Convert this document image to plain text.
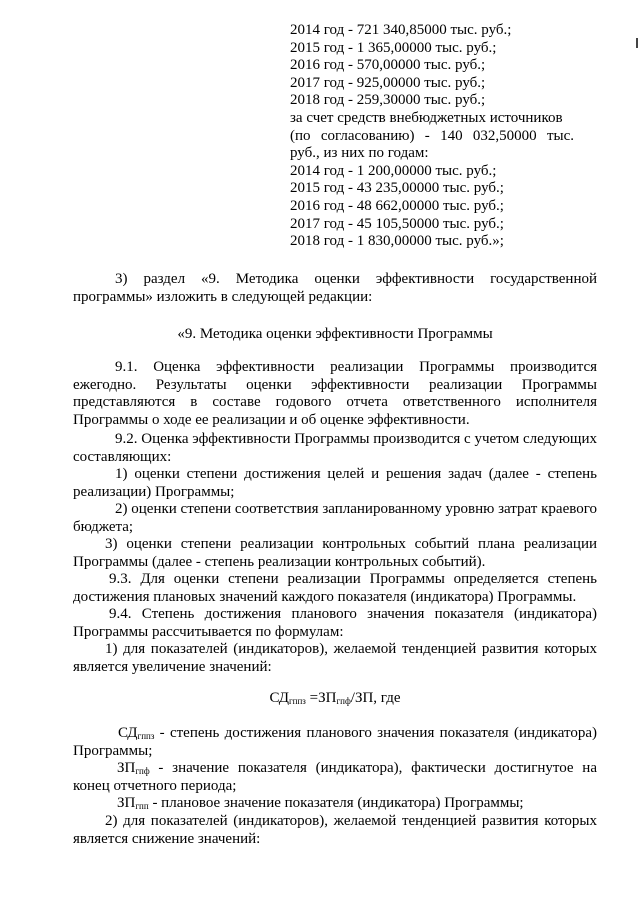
2014 год - 721 340,85000 тыс. руб.;
2015 год - 1 365,00000 тыс. руб.;
2016 год - 570,00000 тыс. руб.;
2017 год - 925,00000 тыс. руб.;
2018 год - 259,30000 тыс. руб.;
за счет средств внебюджетных источников
(по согласованию) - 140 032,50000 тыс.
руб., из них по годам:
2014 год - 1 200,00000 тыс. руб.;
2015 год - 43 235,00000 тыс. руб.;
2016 год - 48 662,00000 тыс. руб.;
2017 год - 45 105,50000 тыс. руб.;
2018 год - 1 830,00000 тыс. руб.»;
3) раздел «9. Методика оценки эффективности государственной программы» изложить в следующей редакции:
«9. Методика оценки эффективности Программы
9.1. Оценка эффективности реализации Программы производится ежегодно. Результаты оценки эффективности реализации Программы представляются в составе годового отчета ответственного исполнителя Программы о ходе ее реализации и об оценке эффективности.
9.2. Оценка эффективности Программы производится с учетом следующих составляющих:
1) оценки степени достижения целей и решения задач (далее - степень реализации) Программы;
2) оценки степени соответствия запланированному уровню затрат краевого бюджета;
3) оценки степени реализации контрольных событий плана реализации Программы (далее - степень реализации контрольных событий).
9.3. Для оценки степени реализации Программы определяется степень достижения плановых значений каждого показателя (индикатора) Программы.
9.4. Степень достижения планового значения показателя (индикатора) Программы рассчитывается по формулам:
1) для показателей (индикаторов), желаемой тенденцией развития которых является увеличение значений:
$СД_{гппз} =ЗП_{гпф}/ЗП$, где
$СД_{гппз}$ - степень достижения планового значения показателя (индикатора) Программы;
$ЗП_{гпф}$ - значение показателя (индикатора), фактически достигнутое на конец отчетного периода;
$ЗП_{гпп}$ - плановое значение показателя (индикатора) Программы;
2) для показателей (индикаторов), желаемой тенденцией развития которых является снижение значений:
